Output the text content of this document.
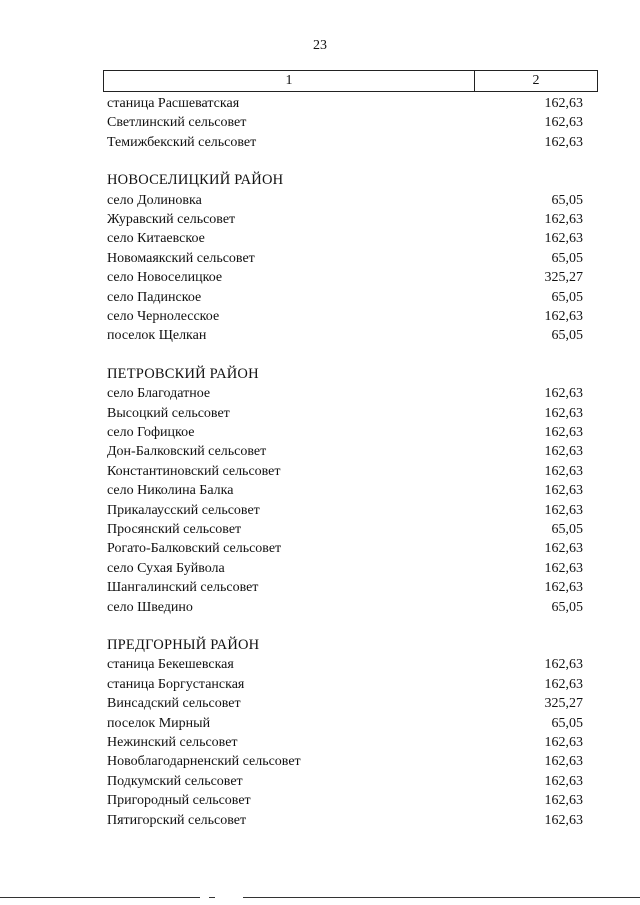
23
1	2
станица Расшеватская	162,63
Светлинский сельсовет	162,63
Темижбекский сельсовет	162,63
НОВОСЕЛИЦКИЙ РАЙОН
село Долиновка	65,05
Журавский сельсовет	162,63
село Китаевское	162,63
Новомаякский сельсовет	65,05
село Новоселицкое	325,27
село Падинское	65,05
село Чернолесское	162,63
поселок Щелкан	65,05
ПЕТРОВСКИЙ РАЙОН
село Благодатное	162,63
Высоцкий сельсовет	162,63
село Гофицкое	162,63
Дон-Балковский сельсовет	162,63
Константиновский сельсовет	162,63
село Николина Балка	162,63
Прикалаусский сельсовет	162,63
Просянский сельсовет	65,05
Рогато-Балковский сельсовет	162,63
село Сухая Буйвола	162,63
Шангалинский сельсовет	162,63
село Шведино	65,05
ПРЕДГОРНЫЙ РАЙОН
станица Бекешевская	162,63
станица Боргустанская	162,63
Винсадский сельсовет	325,27
поселок Мирный	65,05
Нежинский сельсовет	162,63
Новоблагодарненский сельсовет	162,63
Подкумский сельсовет	162,63
Пригородный сельсовет	162,63
Пятигорский сельсовет	162,63
